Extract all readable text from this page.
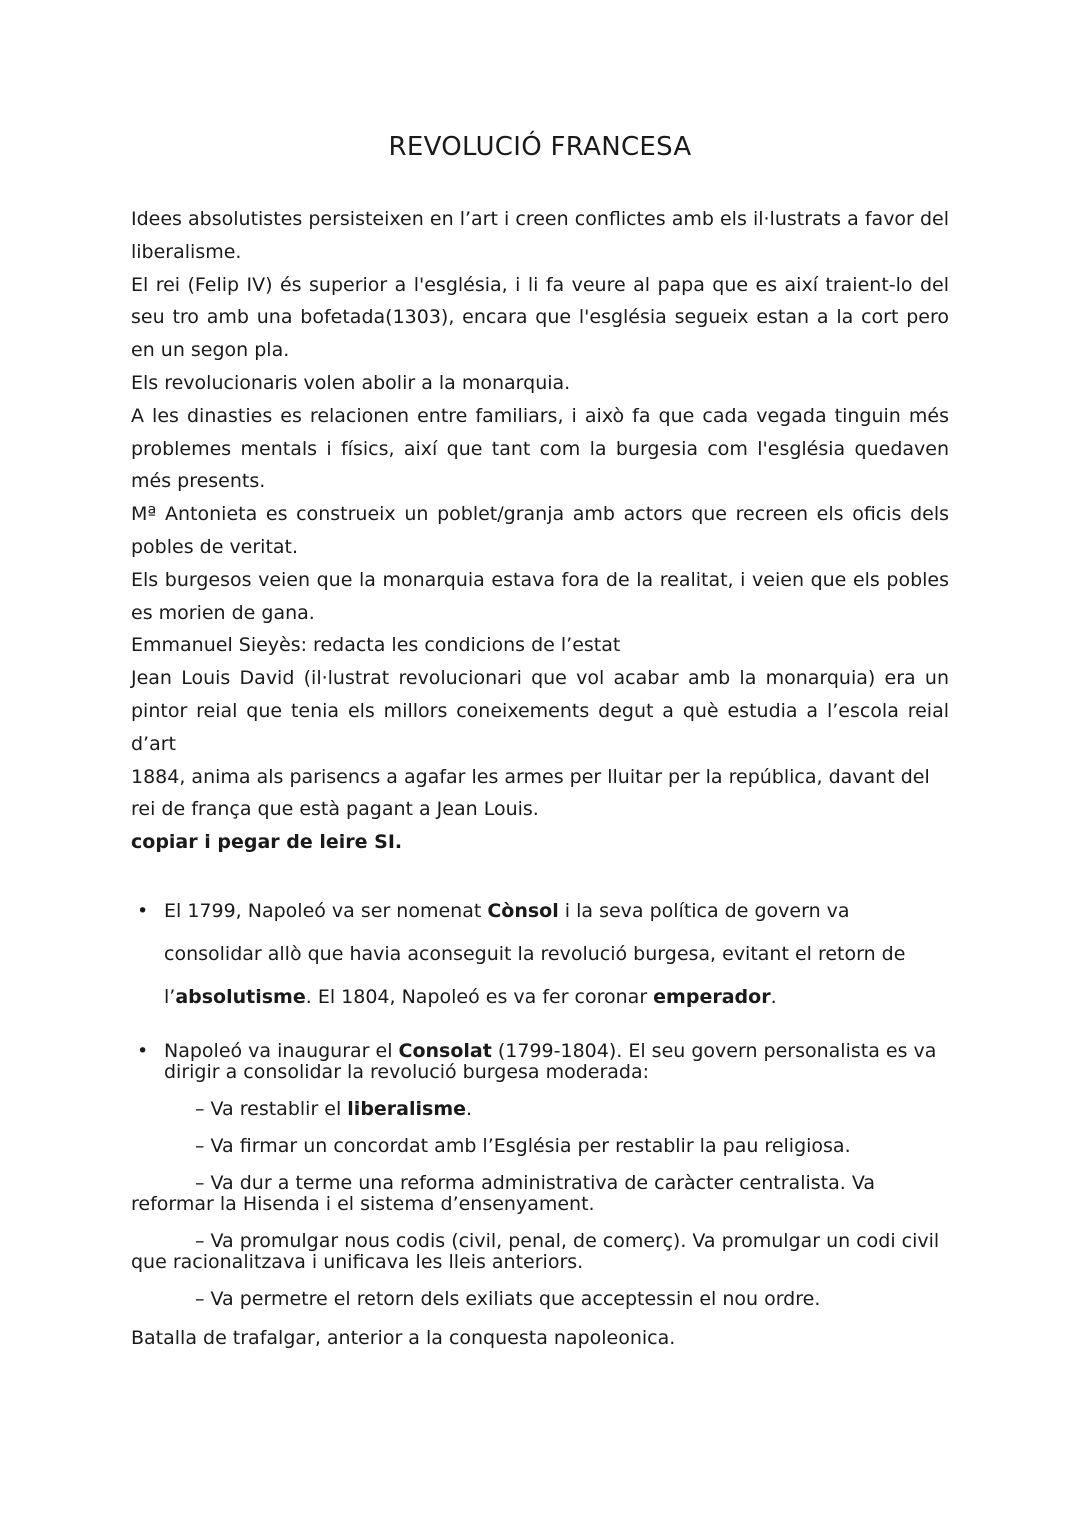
REVOLUCIÓ FRANCESA

Idees absolutistes persisteixen en l’art i creen conflictes amb els il·lustrats a favor del liberalisme.

El rei (Felip IV) és superior a l'església, i li fa veure al papa que es així traient-lo del seu tro amb una bofetada(1303), encara que l'església segueix estan a la cort pero en un segon pla.

Els revolucionaris volen abolir a la monarquia.

A les dinasties es relacionen entre familiars, i això fa que cada vegada tinguin més problemes mentals i físics, així que tant com la burgesia com l'església quedaven més presents.

Mª Antonieta es construeix un poblet/granja amb actors que recreen els oficis dels pobles de veritat.

Els burgesos veien que la monarquia estava fora de la realitat, i veien que els pobles es morien de gana.

Emmanuel Sieyès: redacta les condicions de l’estat

Jean Louis David (il·lustrat revolucionari que vol acabar amb la monarquia) era un pintor reial que tenia els millors coneixements degut a què estudia a l’escola reial d’art

1884, anima als parisencs a agafar les armes per lluitar per la república, davant del rei de frança que està pagant a Jean Louis.

copiar i pegar de leire SI.

• El 1799, Napoleó va ser nomenat Cònsol i la seva política de govern va consolidar allò que havia aconseguit la revolució burgesa, evitant el retorn de l’absolutisme. El 1804, Napoleó es va fer coronar emperador.
• Napoleó va inaugurar el Consolat (1799-1804). El seu govern personalista es va dirigir a consolidar la revolució burgesa moderada:
– Va restablir el liberalisme.
– Va firmar un concordat amb l’Església per restablir la pau religiosa.
– Va dur a terme una reforma administrativa de caràcter centralista. Va reformar la Hisenda i el sistema d’ensenyament.
– Va promulgar nous codis (civil, penal, de comerç). Va promulgar un codi civil que racionalitzava i unificava les lleis anteriors.
– Va permetre el retorn dels exiliats que acceptessin el nou ordre.
Batalla de trafalgar, anterior a la conquesta napoleonica.
